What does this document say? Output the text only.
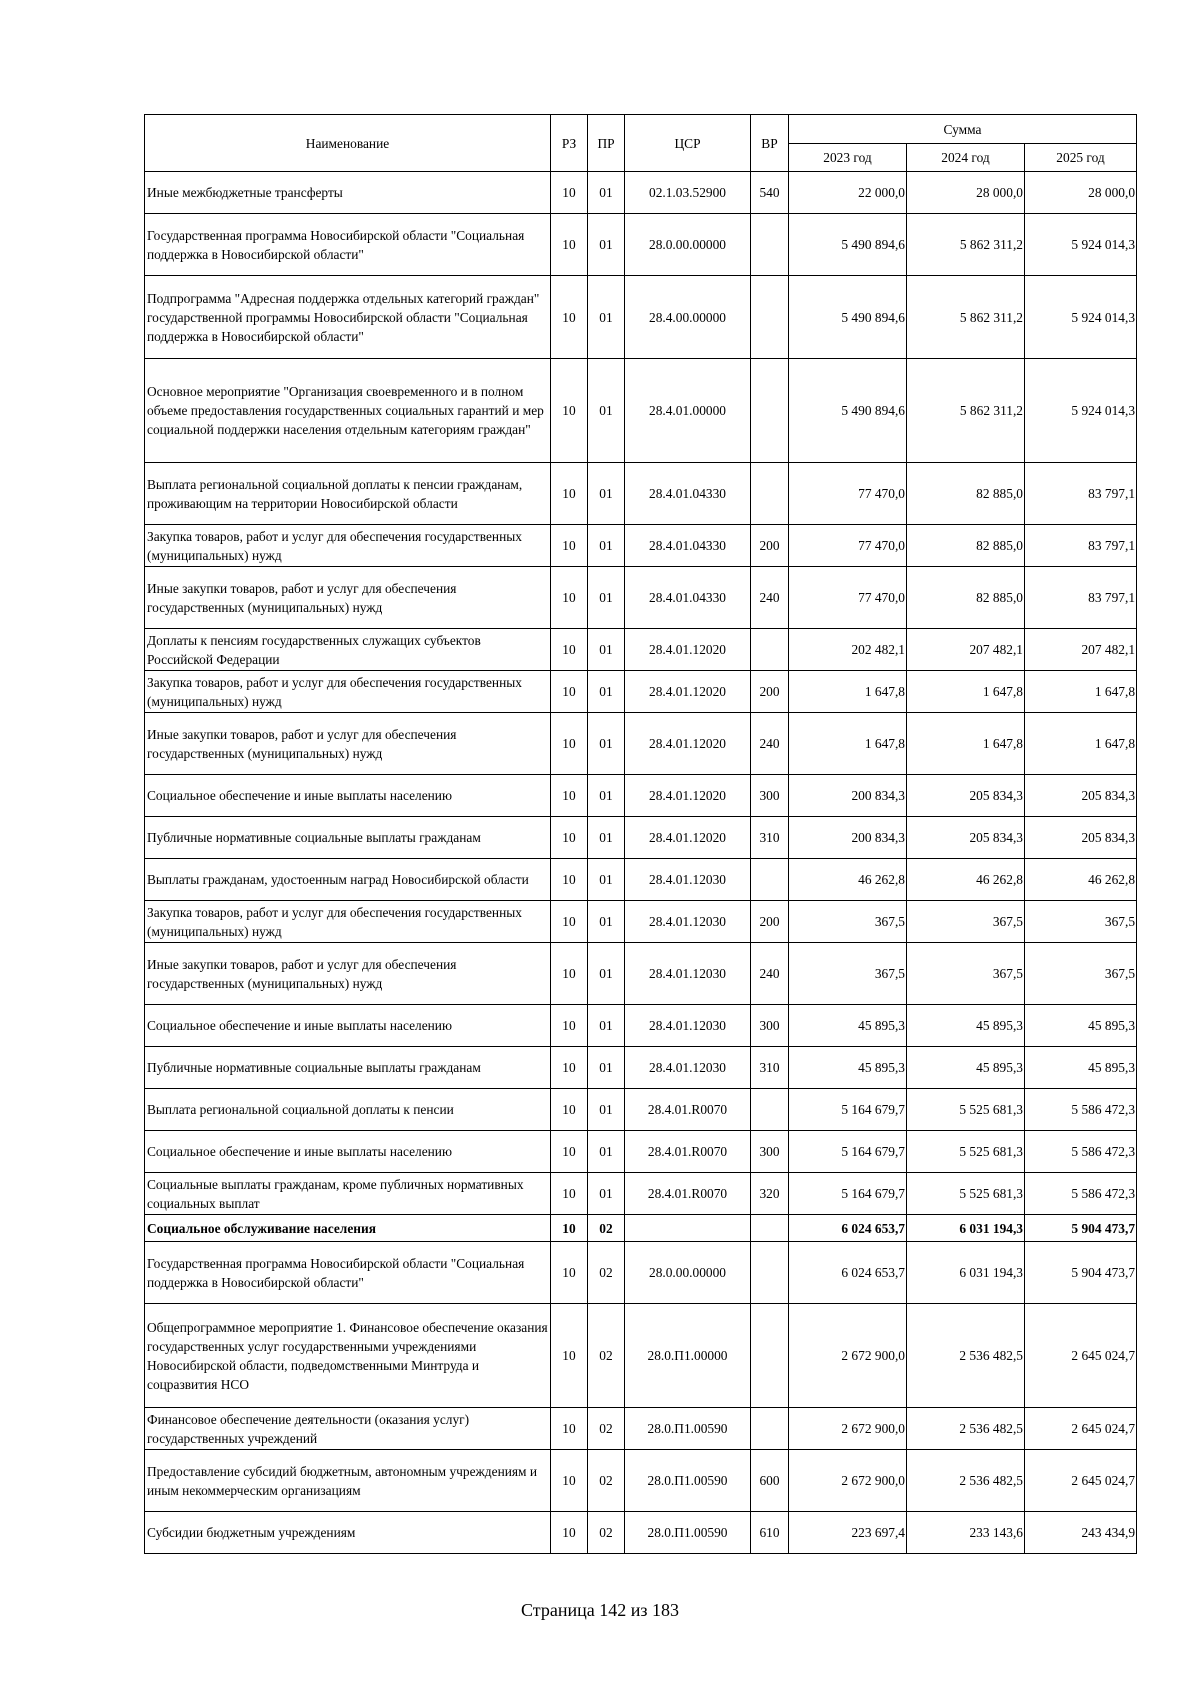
Наименование	РЗ	ПР	ЦСР	ВР	Сумма		
					2023 год	2024 год	2025 год
Иные межбюджетные трансферты	10	01	02.1.03.52900	540	22 000,0	28 000,0	28 000,0
Государственная программа Новосибирской области "Социальная поддержка в Новосибирской области"	10	01	28.0.00.00000		5 490 894,6	5 862 311,2	5 924 014,3
Подпрограмма "Адресная поддержка отдельных категорий граждан" государственной программы Новосибирской области "Социальная поддержка в Новосибирской области"	10	01	28.4.00.00000		5 490 894,6	5 862 311,2	5 924 014,3
Основное мероприятие "Организация своевременного и в полном объеме предоставления государственных социальных гарантий и мер социальной поддержки населения отдельным категориям граждан"	10	01	28.4.01.00000		5 490 894,6	5 862 311,2	5 924 014,3
Выплата региональной социальной доплаты к пенсии гражданам, проживающим на территории Новосибирской области	10	01	28.4.01.04330		77 470,0	82 885,0	83 797,1
Закупка товаров, работ и услуг для обеспечения государственных (муниципальных) нужд	10	01	28.4.01.04330	200	77 470,0	82 885,0	83 797,1
Иные закупки товаров, работ и услуг для обеспечения государственных (муниципальных) нужд	10	01	28.4.01.04330	240	77 470,0	82 885,0	83 797,1
Доплаты к пенсиям государственных служащих субъектов Российской Федерации	10	01	28.4.01.12020		202 482,1	207 482,1	207 482,1
Закупка товаров, работ и услуг для обеспечения государственных (муниципальных) нужд	10	01	28.4.01.12020	200	1 647,8	1 647,8	1 647,8
Иные закупки товаров, работ и услуг для обеспечения государственных (муниципальных) нужд	10	01	28.4.01.12020	240	1 647,8	1 647,8	1 647,8
Социальное обеспечение и иные выплаты населению	10	01	28.4.01.12020	300	200 834,3	205 834,3	205 834,3
Публичные нормативные социальные выплаты гражданам	10	01	28.4.01.12020	310	200 834,3	205 834,3	205 834,3
Выплаты гражданам, удостоенным наград Новосибирской области	10	01	28.4.01.12030		46 262,8	46 262,8	46 262,8
Закупка товаров, работ и услуг для обеспечения государственных (муниципальных) нужд	10	01	28.4.01.12030	200	367,5	367,5	367,5
Иные закупки товаров, работ и услуг для обеспечения государственных (муниципальных) нужд	10	01	28.4.01.12030	240	367,5	367,5	367,5
Социальное обеспечение и иные выплаты населению	10	01	28.4.01.12030	300	45 895,3	45 895,3	45 895,3
Публичные нормативные социальные выплаты гражданам	10	01	28.4.01.12030	310	45 895,3	45 895,3	45 895,3
Выплата региональной социальной доплаты к пенсии	10	01	28.4.01.R0070		5 164 679,7	5 525 681,3	5 586 472,3
Социальное обеспечение и иные выплаты населению	10	01	28.4.01.R0070	300	5 164 679,7	5 525 681,3	5 586 472,3
Социальные выплаты гражданам, кроме публичных нормативных социальных выплат	10	01	28.4.01.R0070	320	5 164 679,7	5 525 681,3	5 586 472,3
Социальное обслуживание населения	10	02			6 024 653,7	6 031 194,3	5 904 473,7
Государственная программа Новосибирской области "Социальная поддержка в Новосибирской области"	10	02	28.0.00.00000		6 024 653,7	6 031 194,3	5 904 473,7
Общепрограммное мероприятие 1. Финансовое обеспечение оказания государственных услуг государственными учреждениями Новосибирской области, подведомственными Минтруда и соцразвития НСО	10	02	28.0.П1.00000		2 672 900,0	2 536 482,5	2 645 024,7
Финансовое обеспечение деятельности (оказания услуг) государственных учреждений	10	02	28.0.П1.00590		2 672 900,0	2 536 482,5	2 645 024,7
Предоставление субсидий бюджетным, автономным учреждениям и иным некоммерческим организациям	10	02	28.0.П1.00590	600	2 672 900,0	2 536 482,5	2 645 024,7
Субсидии бюджетным учреждениям	10	02	28.0.П1.00590	610	223 697,4	233 143,6	243 434,9
Страница 142 из 183
